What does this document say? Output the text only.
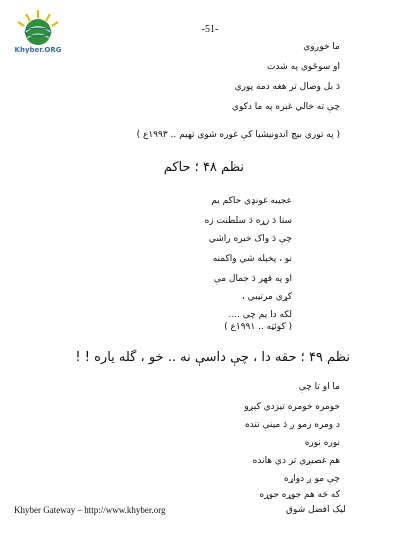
Khyber.ORG
-51-
ما خوږوي
او سوځوي په شدت
دَ بل وصال تر هغه دمه پوري
چې ته خالي غبره په ما دکوي
( په توري بيچ اندونيشيا کې غوره شوى تهيم .. ۱۹۹۳ع )
نظم ۴۸ ؛ حاکم
عجيبه غونډي حاکم يم
ستا دَ زړه دَ سلطنت زه
چې دَ واک خبره راشي
نو ، پخپله شي واکمنه
او په قهر دَ جمال مې
کړي مرتيبي ،
لکه دا يم چې ....
( کوئټه .. ۱۹۹۱ع )
نظم ۴۹ ؛ حقه دا ، چې داسې نه .. خو ، گله ياره ! !
ما او تا چې
خومره خومره تيزدي کېږو
د ومره زمو ږ دَ مينې تنده
نوره نوره
هم غصيږي تر دي هانده
چې مو ږ دواړه
که څه هم جوړه جوړه
Khyber Gateway – http://www.khyber.org	ليک افضل شوق
